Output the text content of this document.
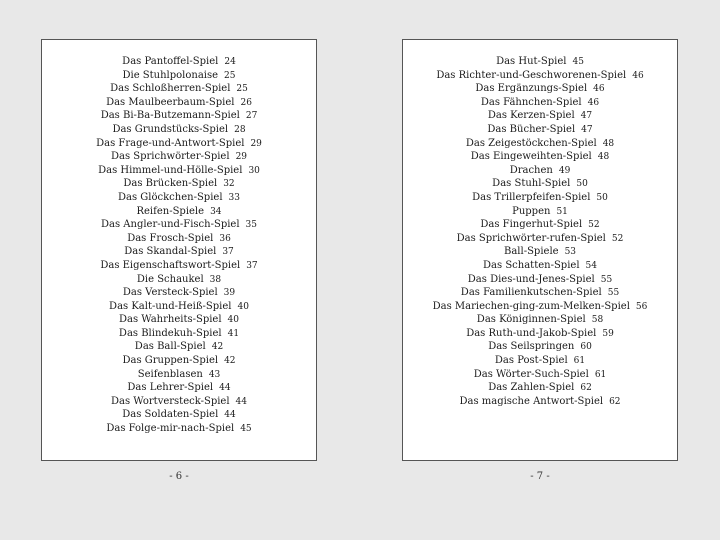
Das Pantoffel-Spiel 24
Die Stuhlpolonaise 25
Das Schloßherren-Spiel 25
Das Maulbeerbaum-Spiel 26
Das Bi-Ba-Butzemann-Spiel 27
Das Grundstücks-Spiel 28
Das Frage-und-Antwort-Spiel 29
Das Sprichwörter-Spiel 29
Das Himmel-und-Hölle-Spiel 30
Das Brücken-Spiel 32
Das Glöckchen-Spiel 33
Reifen-Spiele 34
Das Angler-und-Fisch-Spiel 35
Das Frosch-Spiel 36
Das Skandal-Spiel 37
Das Eigenschaftswort-Spiel 37
Die Schaukel 38
Das Versteck-Spiel 39
Das Kalt-und-Heiß-Spiel 40
Das Wahrheits-Spiel 40
Das Blindekuh-Spiel 41
Das Ball-Spiel 42
Das Gruppen-Spiel 42
Seifenblasen 43
Das Lehrer-Spiel 44
Das Wortversteck-Spiel 44
Das Soldaten-Spiel 44
Das Folge-mir-nach-Spiel 45
- 6 -
Das Hut-Spiel 45
Das Richter-und-Geschworenen-Spiel 46
Das Ergänzungs-Spiel 46
Das Fähnchen-Spiel 46
Das Kerzen-Spiel 47
Das Bücher-Spiel 47
Das Zeigestöckchen-Spiel 48
Das Eingeweihten-Spiel 48
Drachen 49
Das Stuhl-Spiel 50
Das Trillerpfeifen-Spiel 50
Puppen 51
Das Fingerhut-Spiel 52
Das Sprichwörter-rufen-Spiel 52
Ball-Spiele 53
Das Schatten-Spiel 54
Das Dies-und-Jenes-Spiel 55
Das Familienkutschen-Spiel 55
Das Mariechen-ging-zum-Melken-Spiel 56
Das Königinnen-Spiel 58
Das Ruth-und-Jakob-Spiel 59
Das Seilspringen 60
Das Post-Spiel 61
Das Wörter-Such-Spiel 61
Das Zahlen-Spiel 62
Das magische Antwort-Spiel 62
- 7 -
